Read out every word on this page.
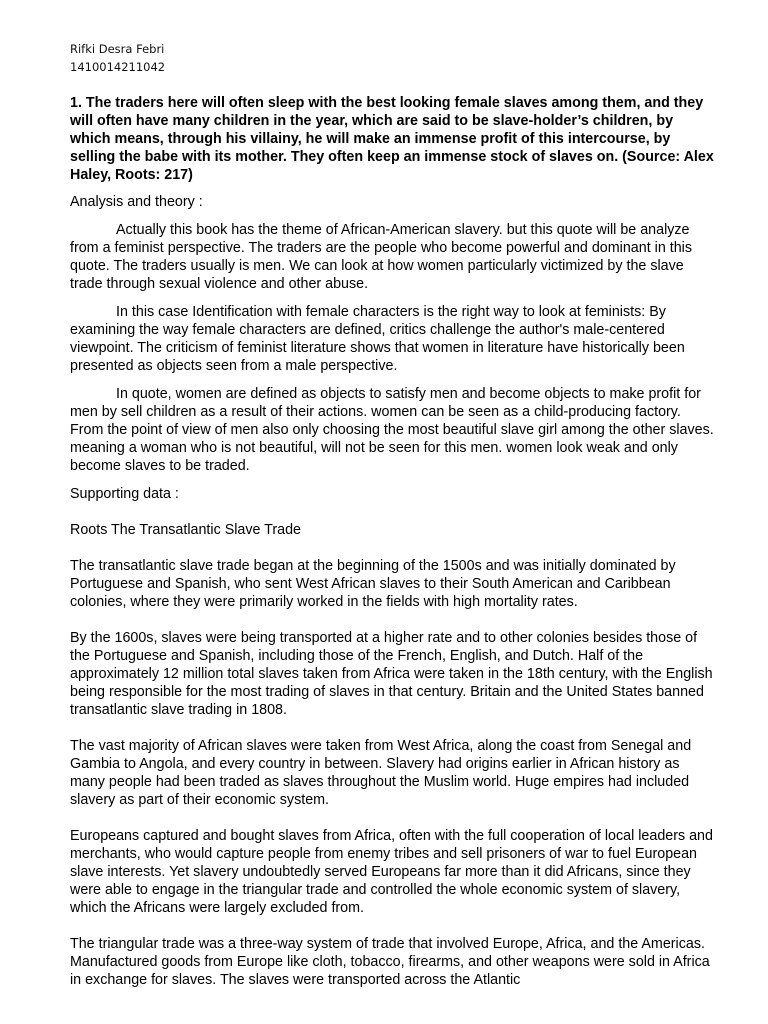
Rifki Desra Febri
1410014211042

1. The traders here will often sleep with the best looking female slaves among them, and they will often have many children in the year, which are said to be slave-holder’s children, by which means, through his villainy, he will make an immense profit of this intercourse, by selling the babe with its mother. They often keep an immense stock of slaves on. (Source: Alex Haley, Roots: 217)

Analysis and theory :

Actually this book has the theme of African-American slavery. but this quote will be analyze from a feminist perspective. The traders are the people who become powerful and dominant in this quote. The traders usually is men. We can look at how women particularly victimized by the slave trade through sexual violence and other abuse.

In this case Identification with female characters is the right way to look at feminists: By examining the way female characters are defined, critics challenge the author's male-centered viewpoint. The criticism of feminist literature shows that women in literature have historically been presented as objects seen from a male perspective.

In quote, women are defined as objects to satisfy men and become objects to make profit for men by sell children as a result of their actions. women can be seen as a child-producing factory. From the point of view of men also only choosing the most beautiful slave girl among the other slaves. meaning a woman who is not beautiful, will not be seen for this men. women look weak and only become slaves to be traded.

Supporting data :

Roots The Transatlantic Slave Trade

The transatlantic slave trade began at the beginning of the 1500s and was initially dominated by Portuguese and Spanish, who sent West African slaves to their South American and Caribbean colonies, where they were primarily worked in the fields with high mortality rates.

By the 1600s, slaves were being transported at a higher rate and to other colonies besides those of the Portuguese and Spanish, including those of the French, English, and Dutch. Half of the approximately 12 million total slaves taken from Africa were taken in the 18th century, with the English being responsible for the most trading of slaves in that century. Britain and the United States banned transatlantic slave trading in 1808.

The vast majority of African slaves were taken from West Africa, along the coast from Senegal and Gambia to Angola, and every country in between. Slavery had origins earlier in African history as many people had been traded as slaves throughout the Muslim world. Huge empires had included slavery as part of their economic system.

Europeans captured and bought slaves from Africa, often with the full cooperation of local leaders and merchants, who would capture people from enemy tribes and sell prisoners of war to fuel European slave interests. Yet slavery undoubtedly served Europeans far more than it did Africans, since they were able to engage in the triangular trade and controlled the whole economic system of slavery, which the Africans were largely excluded from.

The triangular trade was a three-way system of trade that involved Europe, Africa, and the Americas. Manufactured goods from Europe like cloth, tobacco, firearms, and other weapons were sold in Africa in exchange for slaves. The slaves were transported across the Atlantic
